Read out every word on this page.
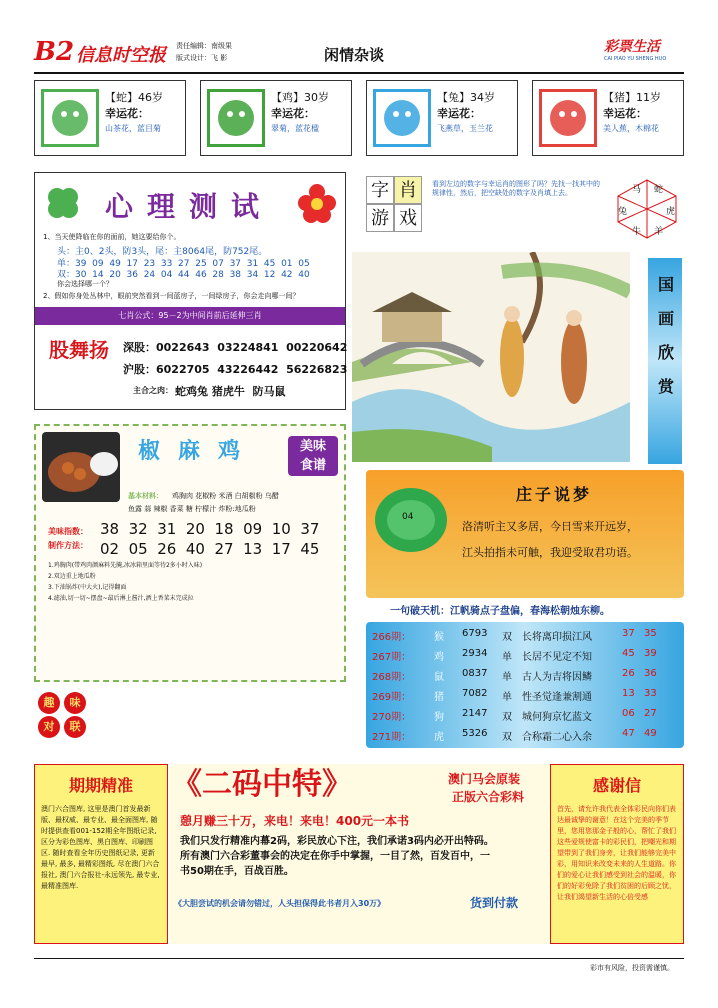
B2 信息时空报 责任编辑：南级果
版式设计：飞 影	闲情杂谈	彩票生活
CAI PIAO YU SHENG HUO
【蛇】46岁
幸运花：
山茶花，蓝目菊
【鸡】30岁
幸运花：
翠菊，蓝花楹
【兔】34岁
幸运花：
飞燕草，玉兰花
【猪】11岁
幸运花：
美人蕉，木棉花
心理测试
1、当天使降临在你的面前，她这要给你个。
头：主0、2头，防3头，尾：主8064尾，防752尾。
单：39  09  49  17  23  33  27  25  07  37  31  45  01  05
双：30  14  20  36  24  04  44  46  28  38  34  12  42  40
你会选择哪一个？
2、假如你身处丛林中，眼前突然看到一间蓝房子，一间绿房子，你会走向哪一间？
七肖公式：95－2为中间肖前后延伸三肖
股舞扬 深股：0022643  03224841  00220642
沪股：6022705  43226442  56226823
主合之肉： 蛇鸡兔 猪虎牛  防马鼠
字 肖
游 戏
看到左边的数字与幸运肖的图形了吗？先找一找其中的规律性，然后，把空缺处的数字及肖填上去。	马 蛇
兔	虎
牛 羊
国画欣赏
椒麻鸡	美味食谱
基本材料： 鸡胸肉 花椒粉 米酒 白胡椒粉 乌醋
鱼露 蒜 辣椒 香菜 糖 柠檬汁 炸粉:地瓜粉
美味指数：
制作方法：
38  32  31  20  18  09  10  37
02  05  26  40  27  13  17  45
1.鸡胸肉(带鸡肉颜麻料先腌,冰冰箱里面等待2多小时入味)
2.双边重上地瓜粉
3.下油锅炸(中大火),记得翻面
4.滤油,切一切~摆盘~最后淋上酱汁,洒上香菜末完成拉
趣	味
对	联
04
庄子说梦
洛清听主又多居，今日雪来开远岁，
江头拍指未可触，我迎受取君功语。
一句破天机：江帆骑点子盘偏，春海松朝烛东柳。
266期： 猴 6793 双 长将离印损江风	37 35
267期： 鸡 2934 单 长居不见定不知	45 39
268期： 鼠 0837 单 古人为吉将因鳞	26 36
269期： 猪 7082 单 性圣觉逢兼割通	13 33
270期： 狗 2147 双 城何狗京忆蓝文	06 27
271期： 虎 5326 双 合称霜二心入余	47 49
期期精准
澳门六合图库, 这里是澳门首发最新版、最权威、最专业、最全面图库, 随时提供查看001-152期全年图纸记录, 区分为彩色图库、黑白图库、印刷图区. 随时查看全年历史图纸记录, 更新最早, 最多, 最精彩图纸, 尽在澳门六合报社, 澳门六合报社-永远领先, 最专业, 最精准图库.
《二码中特》	澳门马会原装
正版六合彩料
憩月赚三十万，来电！来电！400元一本书
我们只发行精准内幕2码，彩民放心下注，我们承诺3码内必开出特码。所有澳门六合彩董事会的决定在你手中掌握，一目了然，百发百中，一书50期在手，百战百胜。
《大胆尝试的机会请勿错过，人头担保得此书者月入30万》	货到付款
感谢信
首先，请允许我代表全体彩民向你们表达最诚挚的谢意！在这个完美的季节里，您用您那金子般的心，帮忙了我们这些爱规使富卡的彩民们，把嘲光和期望带到了我们身旁，让我们能够完美中彩，用知识来改变未来的人生道路。你们的爱心让我们感受到社会的温暖，你们的好彩免除了我们贫困的后顾之忧，让我们渴望新生活的心倍受感
彩市有风险，投资需谨慎。
